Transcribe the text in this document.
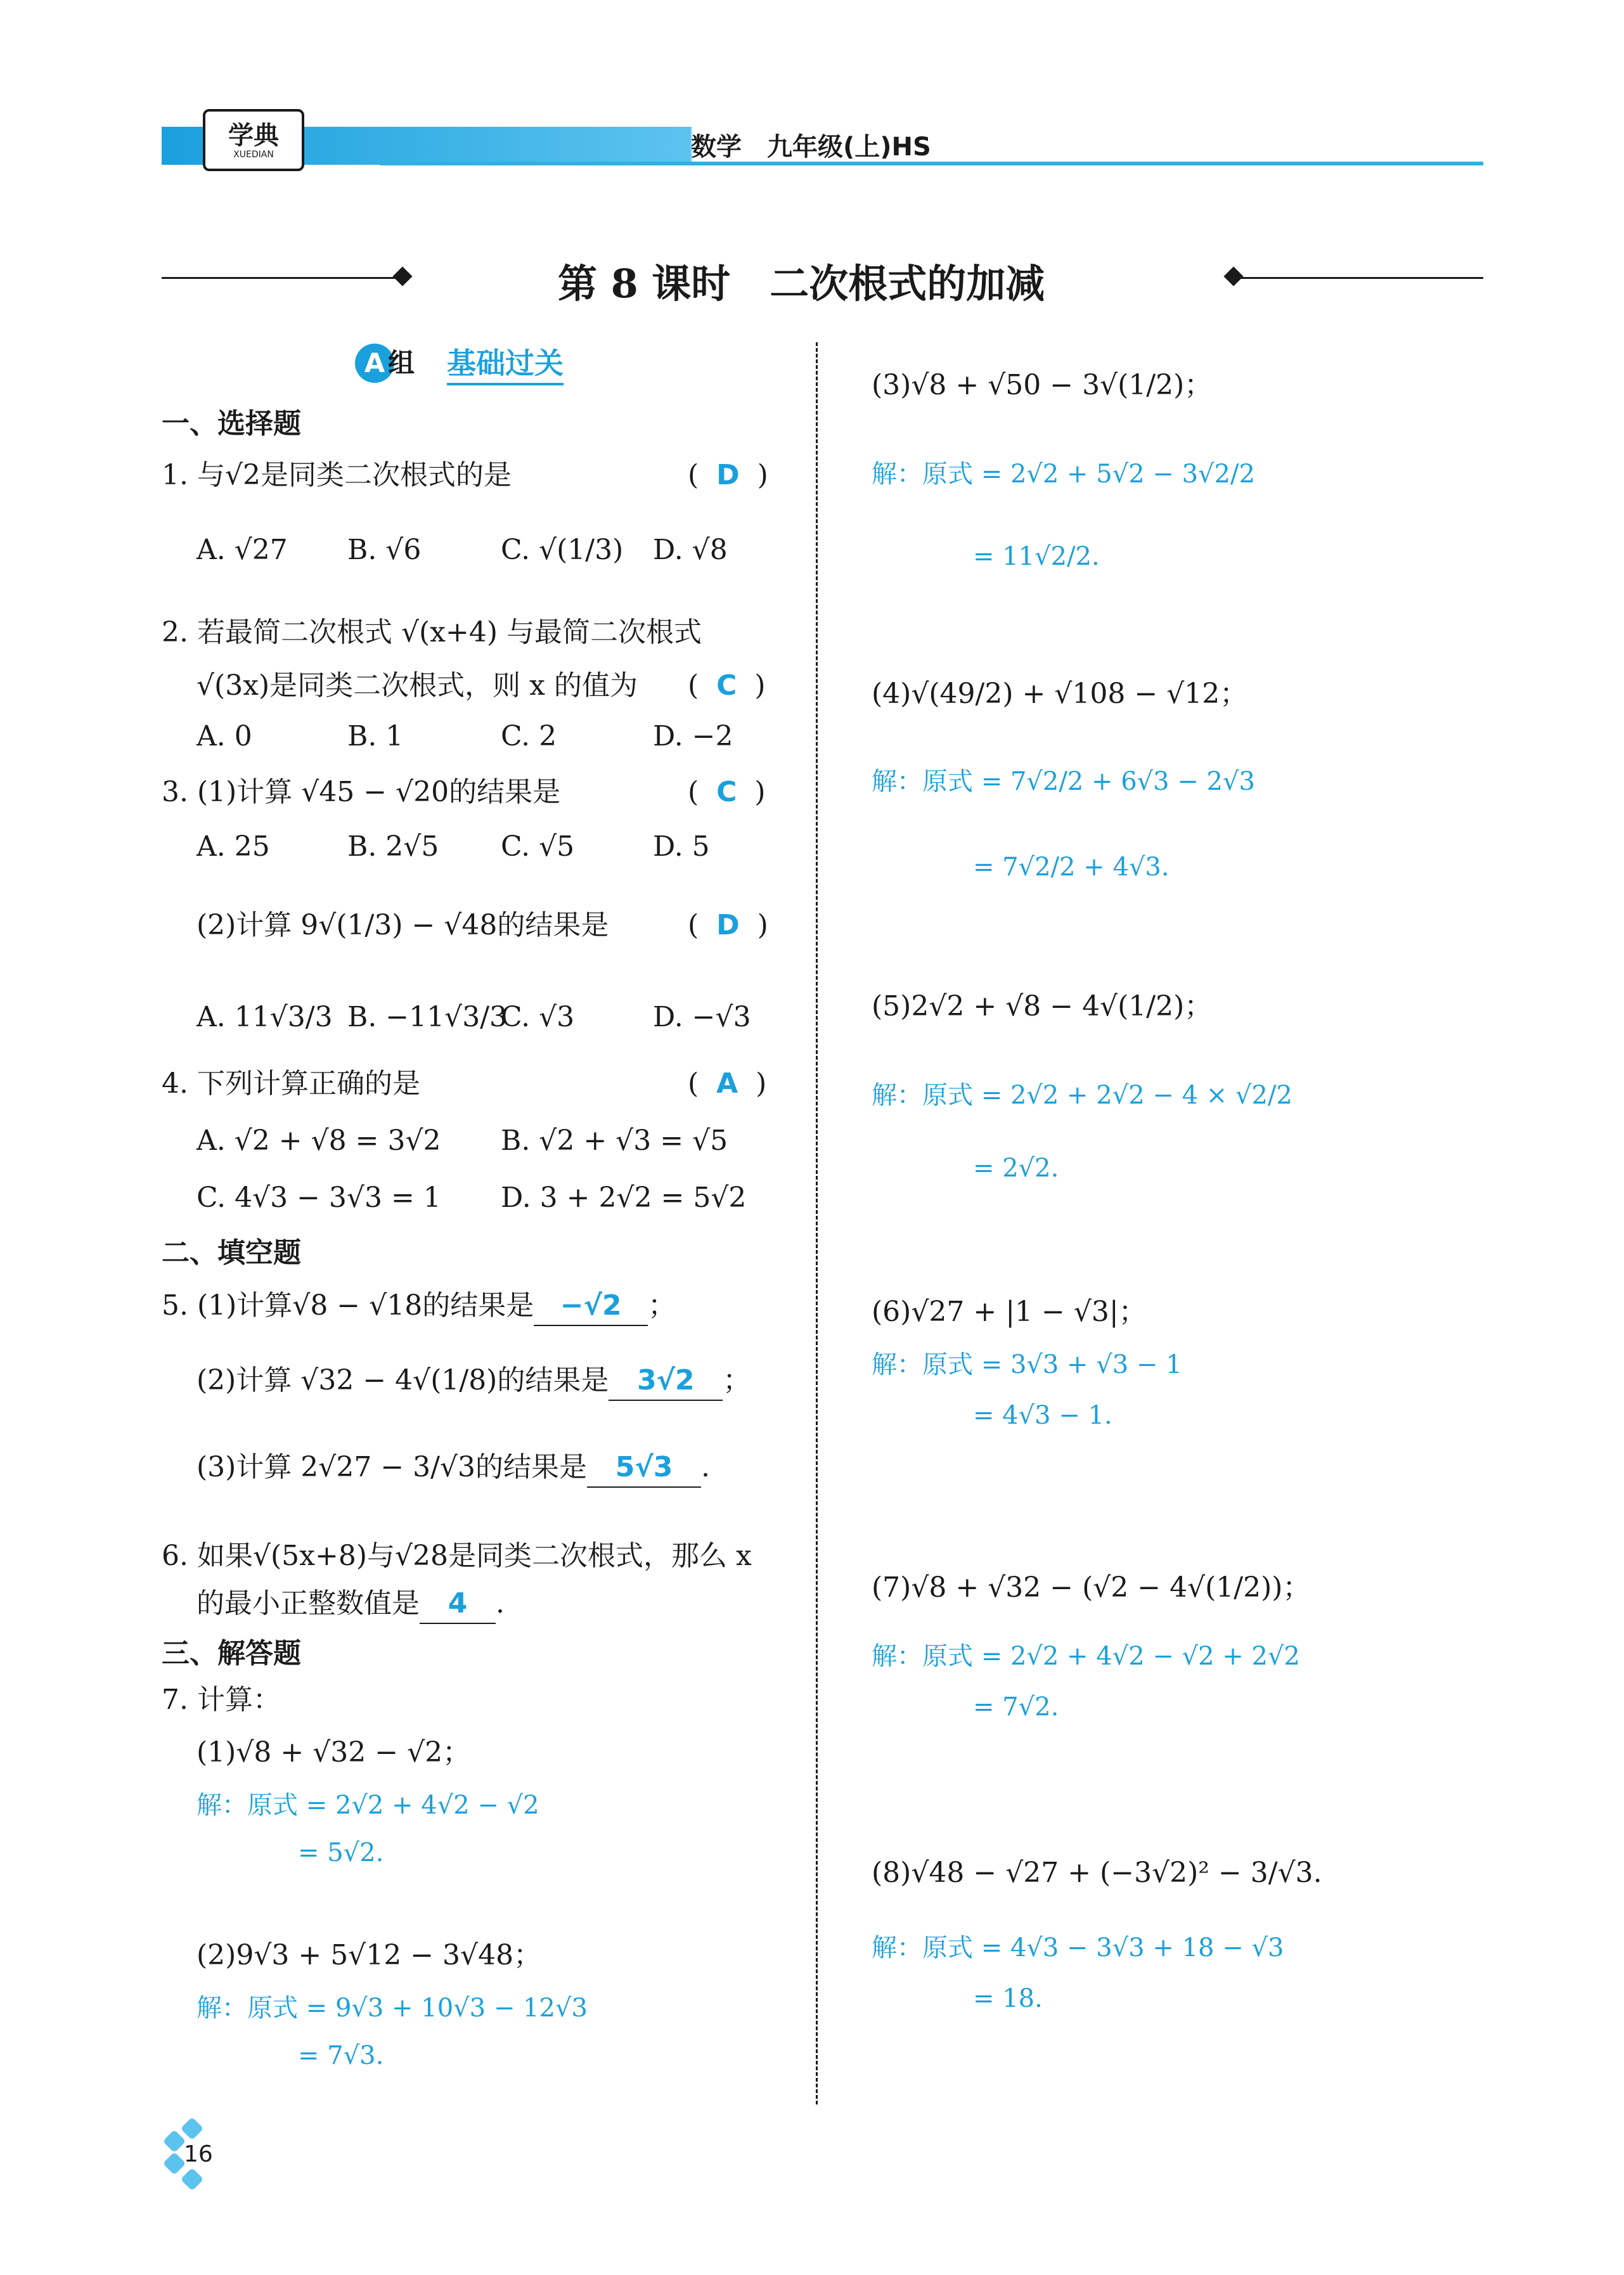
学典
XUEDIAN	数学　九年级(上)HS
第 8 课时　二次根式的加减
A 组 基础过关
一、选择题
1. 与√2是同类二次根式的是	(  D  )
A. √27 B. √6	C. √(1/3) D. √8
2. 若最简二次根式 √(x+4) 与最简二次根式
√(3x)是同类二次根式，则 x 的值为 (  C  )
A. 0	B. 1	C. 2	D. −2
3. (1)计算 √45 − √20的结果是	(  C  )
A. 25	B. 2√5 C. √5	D. 5
(2)计算 9√(1/3) − √48的结果是	(  D  )
A. 11√3/3 B. −11√3/3
C. √3	D. −√3
4. 下列计算正确的是	(  A  )
A. √2 + √8 = 3√2 B. √2 + √3 = √5
C. 4√3 − 3√3 = 1 D. 3 + 2√2 = 5√2
二、填空题
5. (1)计算√8 − √18的结果是 −√2 ；
(2)计算 √32 − 4√(1/8)的结果是 3√2 ；
(3)计算 2√27 − 3/√3的结果是 5√3 .
6. 如果√(5x+8)与√28是同类二次根式，那么 x
的最小正整数值是 4 .
三、解答题
7. 计算：
(1)√8 + √32 − √2；
解：原式 = 2√2 + 4√2 − √2
= 5√2.
(2)9√3 + 5√12 − 3√48；
解：原式 = 9√3 + 10√3 − 12√3
= 7√3.
(3)√8 + √50 − 3√(1/2)；
解：原式 = 2√2 + 5√2 − 3√2/2
= 11√2/2.
(4)√(49/2) + √108 − √12；
解：原式 = 7√2/2 + 6√3 − 2√3
= 7√2/2 + 4√3.
(5)2√2 + √8 − 4√(1/2)；
解：原式 = 2√2 + 2√2 − 4 × √2/2
= 2√2.
(6)√27 + |1 − √3|；
解：原式 = 3√3 + √3 − 1
= 4√3 − 1.
(7)√8 + √32 − (√2 − 4√(1/2))；
解：原式 = 2√2 + 4√2 − √2 + 2√2
= 7√2.
(8)√48 − √27 + (−3√2)² − 3/√3.
解：原式 = 4√3 − 3√3 + 18 − √3
= 18.
16
